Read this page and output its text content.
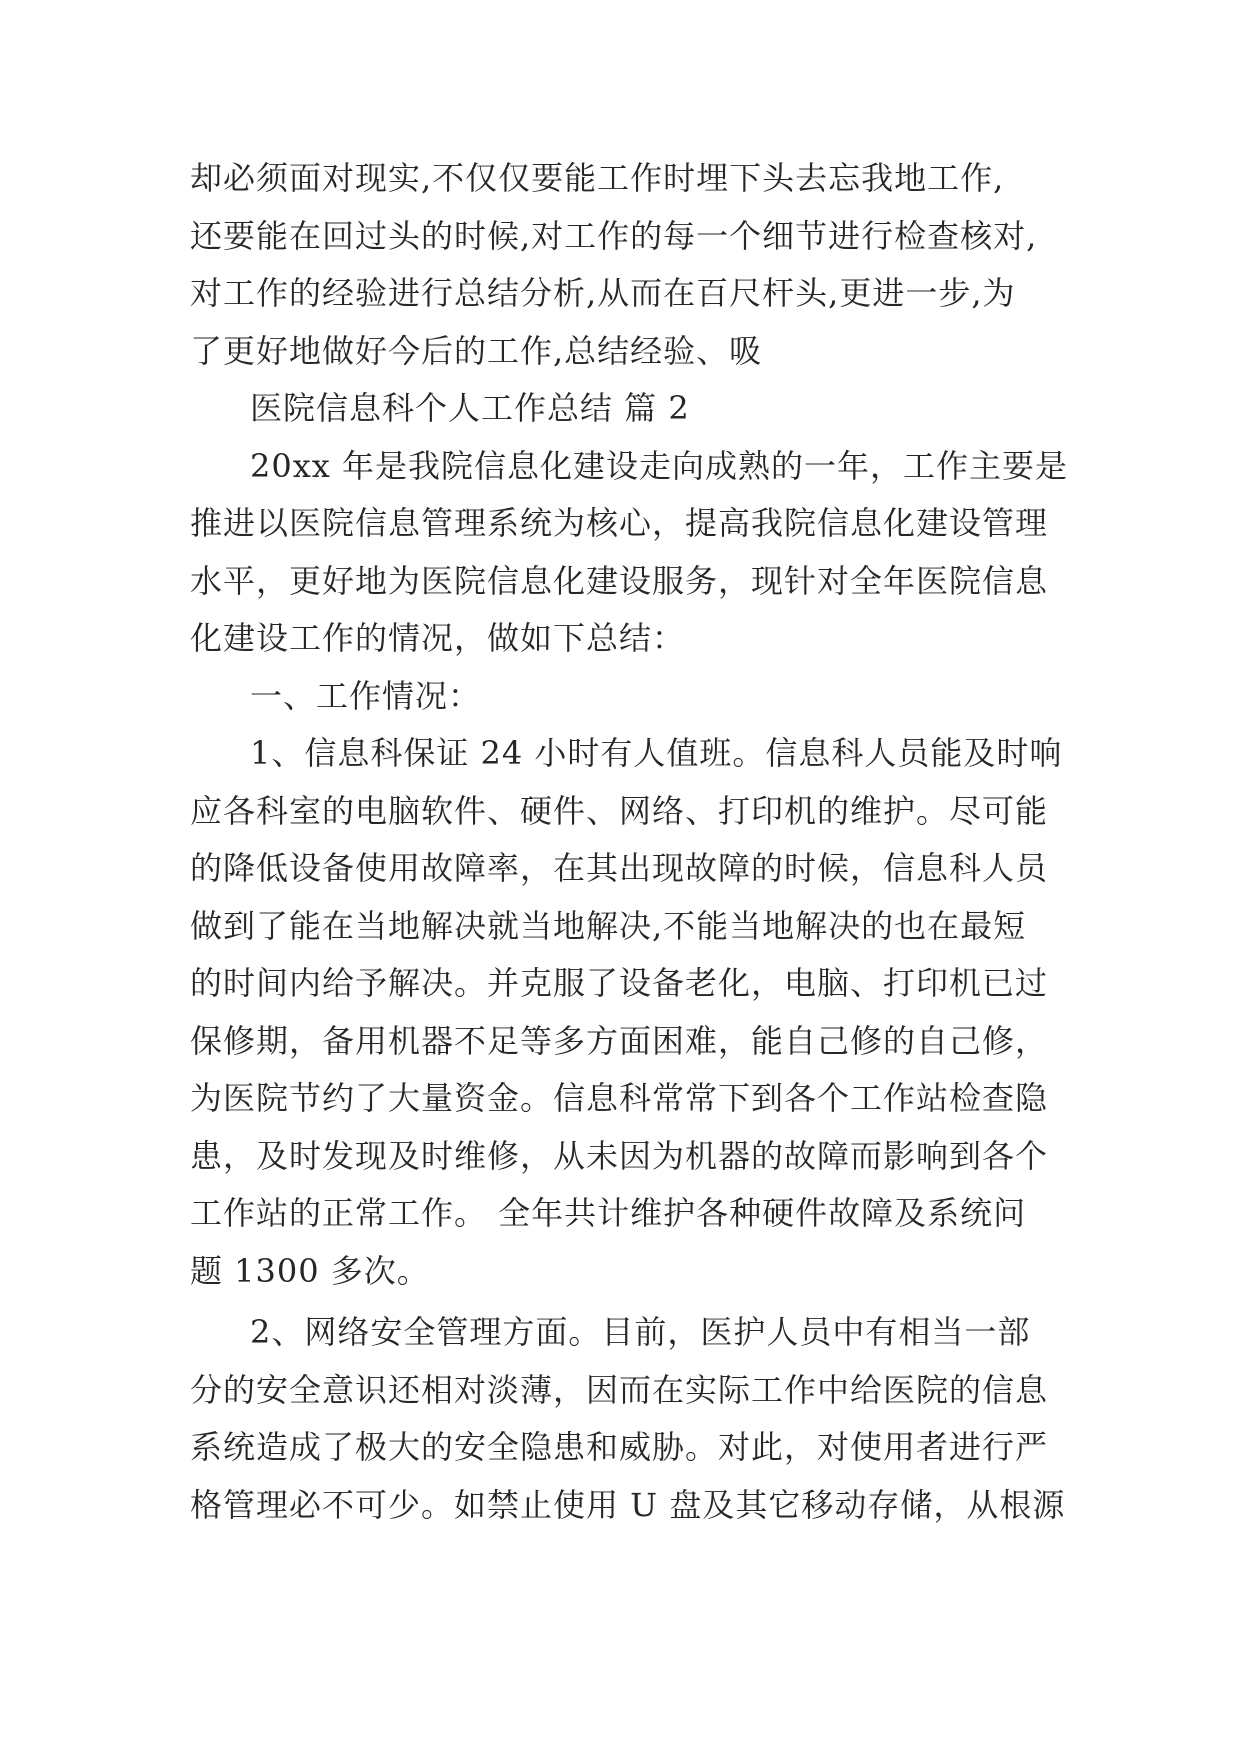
却必须面对现实,不仅仅要能工作时埋下头去忘我地工作,
还要能在回过头的时候,对工作的每一个细节进行检查核对,
对工作的经验进行总结分析,从而在百尺杆头,更进一步,为
了更好地做好今后的工作,总结经验、吸
医院信息科个人工作总结 篇 2
20xx 年是我院信息化建设走向成熟的一年，工作主要是
推进以医院信息管理系统为核心，提高我院信息化建设管理
水平，更好地为医院信息化建设服务，现针对全年医院信息
化建设工作的情况，做如下总结：
一、工作情况：
1、信息科保证 24 小时有人值班。信息科人员能及时响
应各科室的电脑软件、硬件、网络、打印机的维护。尽可能
的降低设备使用故障率，在其出现故障的时候，信息科人员
做到了能在当地解决就当地解决,不能当地解决的也在最短
的时间内给予解决。并克服了设备老化，电脑、打印机已过
保修期，备用机器不足等多方面困难，能自己修的自己修，
为医院节约了大量资金。信息科常常下到各个工作站检查隐
患，及时发现及时维修，从未因为机器的故障而影响到各个
工作站的正常工作。 全年共计维护各种硬件故障及系统问
题 1300 多次。
2、网络安全管理方面。目前，医护人员中有相当一部
分的安全意识还相对淡薄，因而在实际工作中给医院的信息
系统造成了极大的安全隐患和威胁。对此，对使用者进行严
格管理必不可少。如禁止使用 U 盘及其它移动存储，从根源
